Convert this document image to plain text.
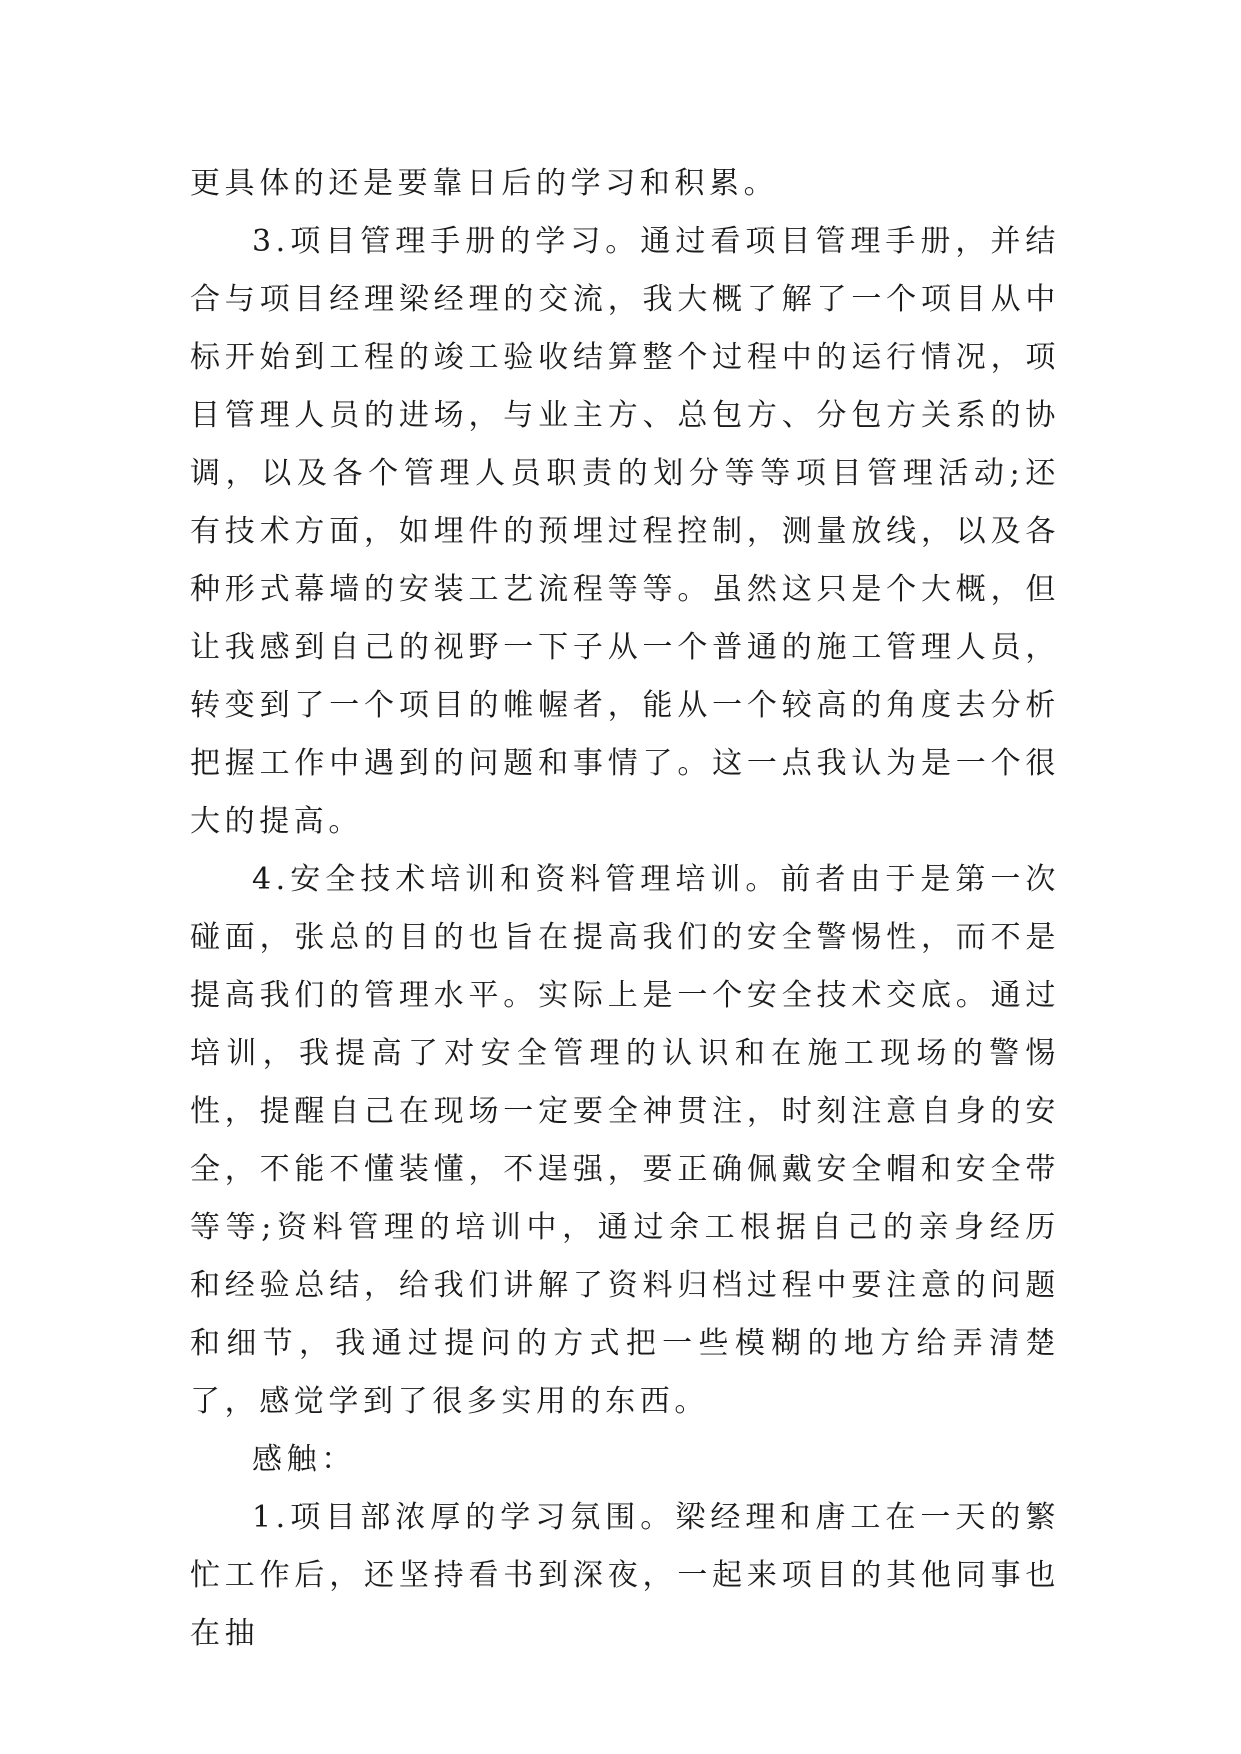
更具体的还是要靠日后的学习和积累。

3.项目管理手册的学习。通过看项目管理手册，并结合与项目经理梁经理的交流，我大概了解了一个项目从中标开始到工程的竣工验收结算整个过程中的运行情况，项目管理人员的进场，与业主方、总包方、分包方关系的协调，以及各个管理人员职责的划分等等项目管理活动;还有技术方面，如埋件的预埋过程控制，测量放线，以及各种形式幕墙的安装工艺流程等等。虽然这只是个大概，但让我感到自己的视野一下子从一个普通的施工管理人员，转变到了一个项目的帷幄者，能从一个较高的角度去分析把握工作中遇到的问题和事情了。这一点我认为是一个很大的提高。

4.安全技术培训和资料管理培训。前者由于是第一次碰面，张总的目的也旨在提高我们的安全警惕性，而不是提高我们的管理水平。实际上是一个安全技术交底。通过培训，我提高了对安全管理的认识和在施工现场的警惕性，提醒自己在现场一定要全神贯注，时刻注意自身的安全，不能不懂装懂，不逞强，要正确佩戴安全帽和安全带等等;资料管理的培训中，通过余工根据自己的亲身经历和经验总结，给我们讲解了资料归档过程中要注意的问题和细节，我通过提问的方式把一些模糊的地方给弄清楚了，感觉学到了很多实用的东西。

感触：

1.项目部浓厚的学习氛围。梁经理和唐工在一天的繁忙工作后，还坚持看书到深夜，一起来项目的其他同事也在抽
